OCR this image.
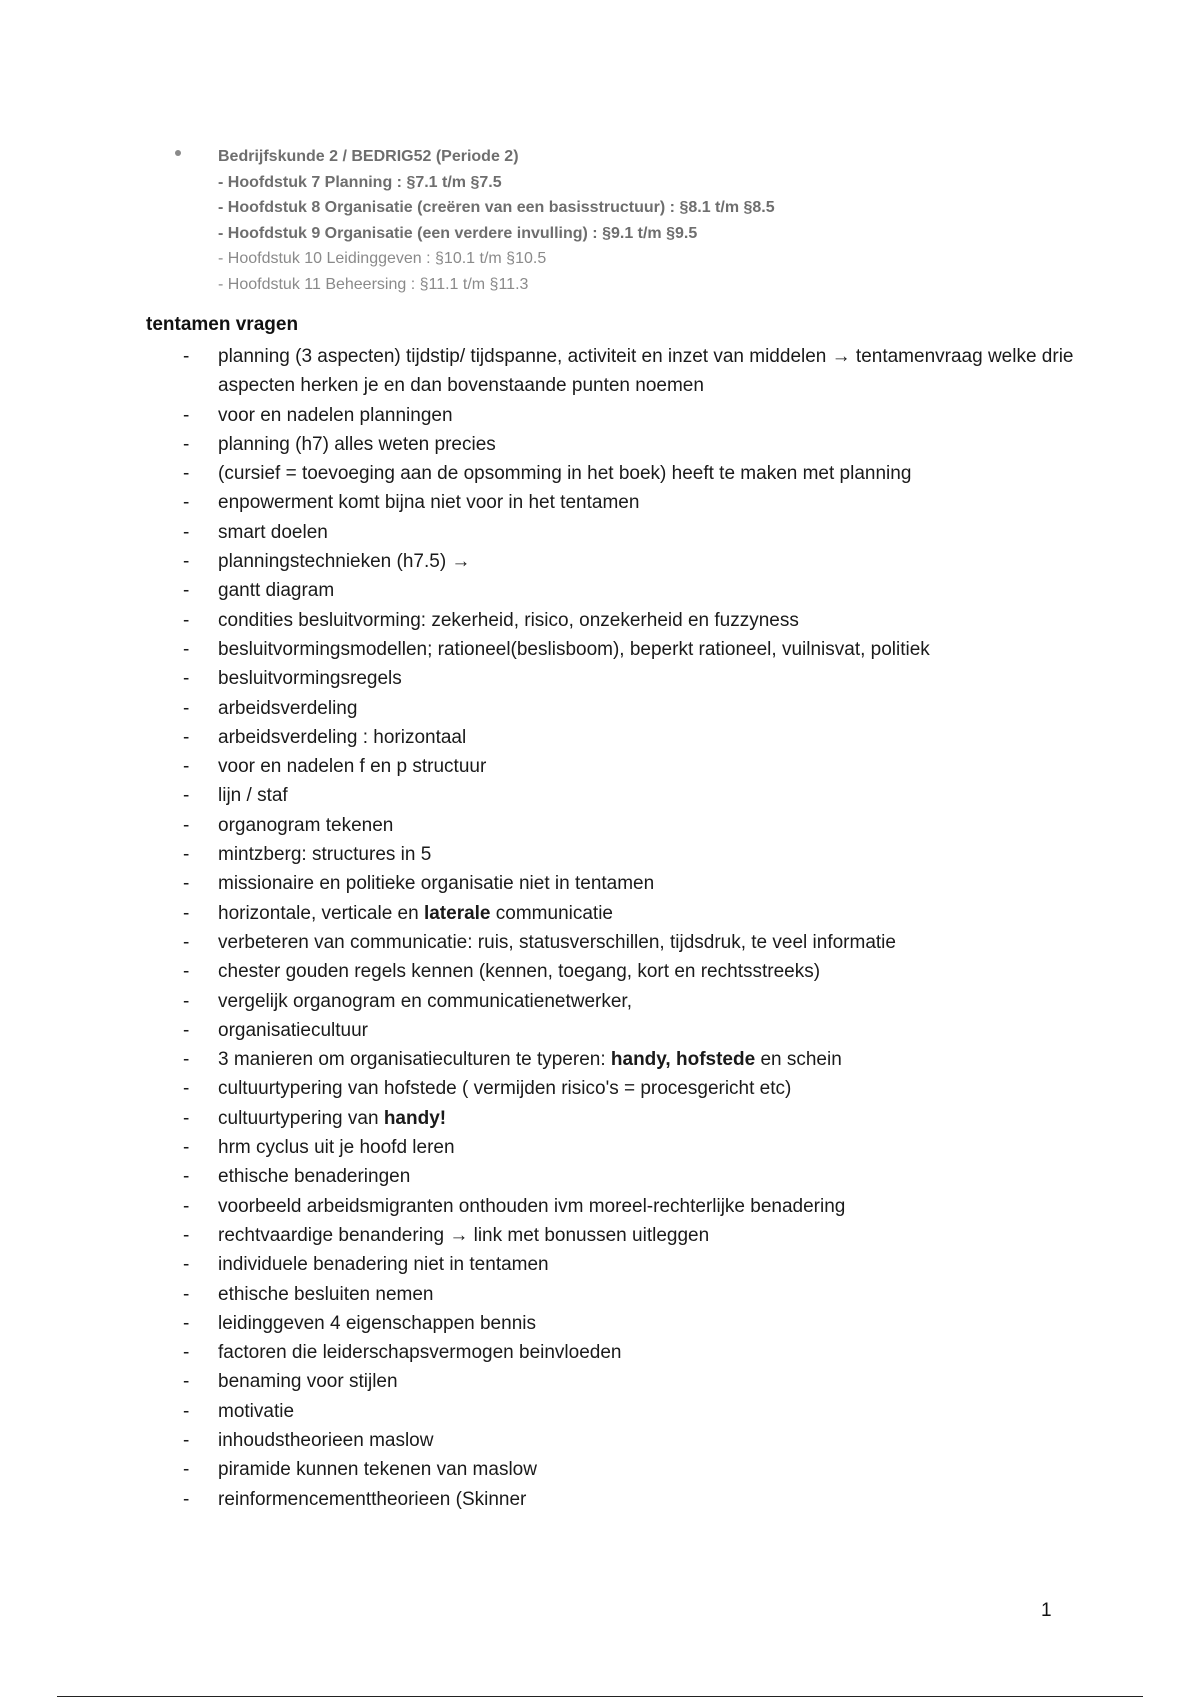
Bedrijfskunde 2 / BEDRIG52 (Periode 2)
- Hoofdstuk 7 Planning : §7.1 t/m §7.5
- Hoofdstuk 8 Organisatie (creëren van een basisstructuur) : §8.1 t/m §8.5
- Hoofdstuk 9 Organisatie (een verdere invulling) : §9.1 t/m §9.5
- Hoofdstuk 10 Leidinggeven : §10.1 t/m §10.5
- Hoofdstuk 11 Beheersing : §11.1 t/m §11.3
tentamen vragen
- planning (3 aspecten) tijdstip/ tijdspanne, activiteit en inzet van middelen → tentamenvraag welke drie aspecten herken je en dan bovenstaande punten noemen
- voor en nadelen planningen
- planning (h7) alles weten precies
- (cursief = toevoeging aan de opsomming in het boek) heeft te maken met planning
- enpowerment komt bijna niet voor in het tentamen
- smart doelen
- planningstechnieken (h7.5) →
- gantt diagram
- condities besluitvorming: zekerheid, risico, onzekerheid en fuzzyness
- besluitvormingsmodellen; rationeel(beslisboom), beperkt rationeel, vuilnisvat, politiek
- besluitvormingsregels
- arbeidsverdeling
- arbeidsverdeling : horizontaal
- voor en nadelen f en p structuur
- lijn / staf
- organogram tekenen
- mintzberg: structures in 5
- missionaire en politieke organisatie niet in tentamen
- horizontale, verticale en laterale communicatie
- verbeteren van communicatie: ruis, statusverschillen, tijdsdruk, te veel informatie
- chester gouden regels kennen (kennen, toegang, kort en rechtsstreeks)
- vergelijk organogram en communicatienetwerker,
- organisatiecultuur
- 3 manieren om organisatieculturen te typeren: handy, hofstede en schein
- cultuurtypering van hofstede ( vermijden risico's = procesgericht etc)
- cultuurtypering van handy!
- hrm cyclus uit je hoofd leren
- ethische benaderingen
- voorbeeld arbeidsmigranten onthouden ivm moreel-rechterlijke benadering
- rechtvaardige benandering → link met bonussen uitleggen
- individuele benadering niet in tentamen
- ethische besluiten nemen
- leidinggeven 4 eigenschappen bennis
- factoren die leiderschapsvermogen beinvloeden
- benaming voor stijlen
- motivatie
- inhoudstheorieen maslow
- piramide kunnen tekenen van maslow
- reinformencementtheorieen (Skinner
1
